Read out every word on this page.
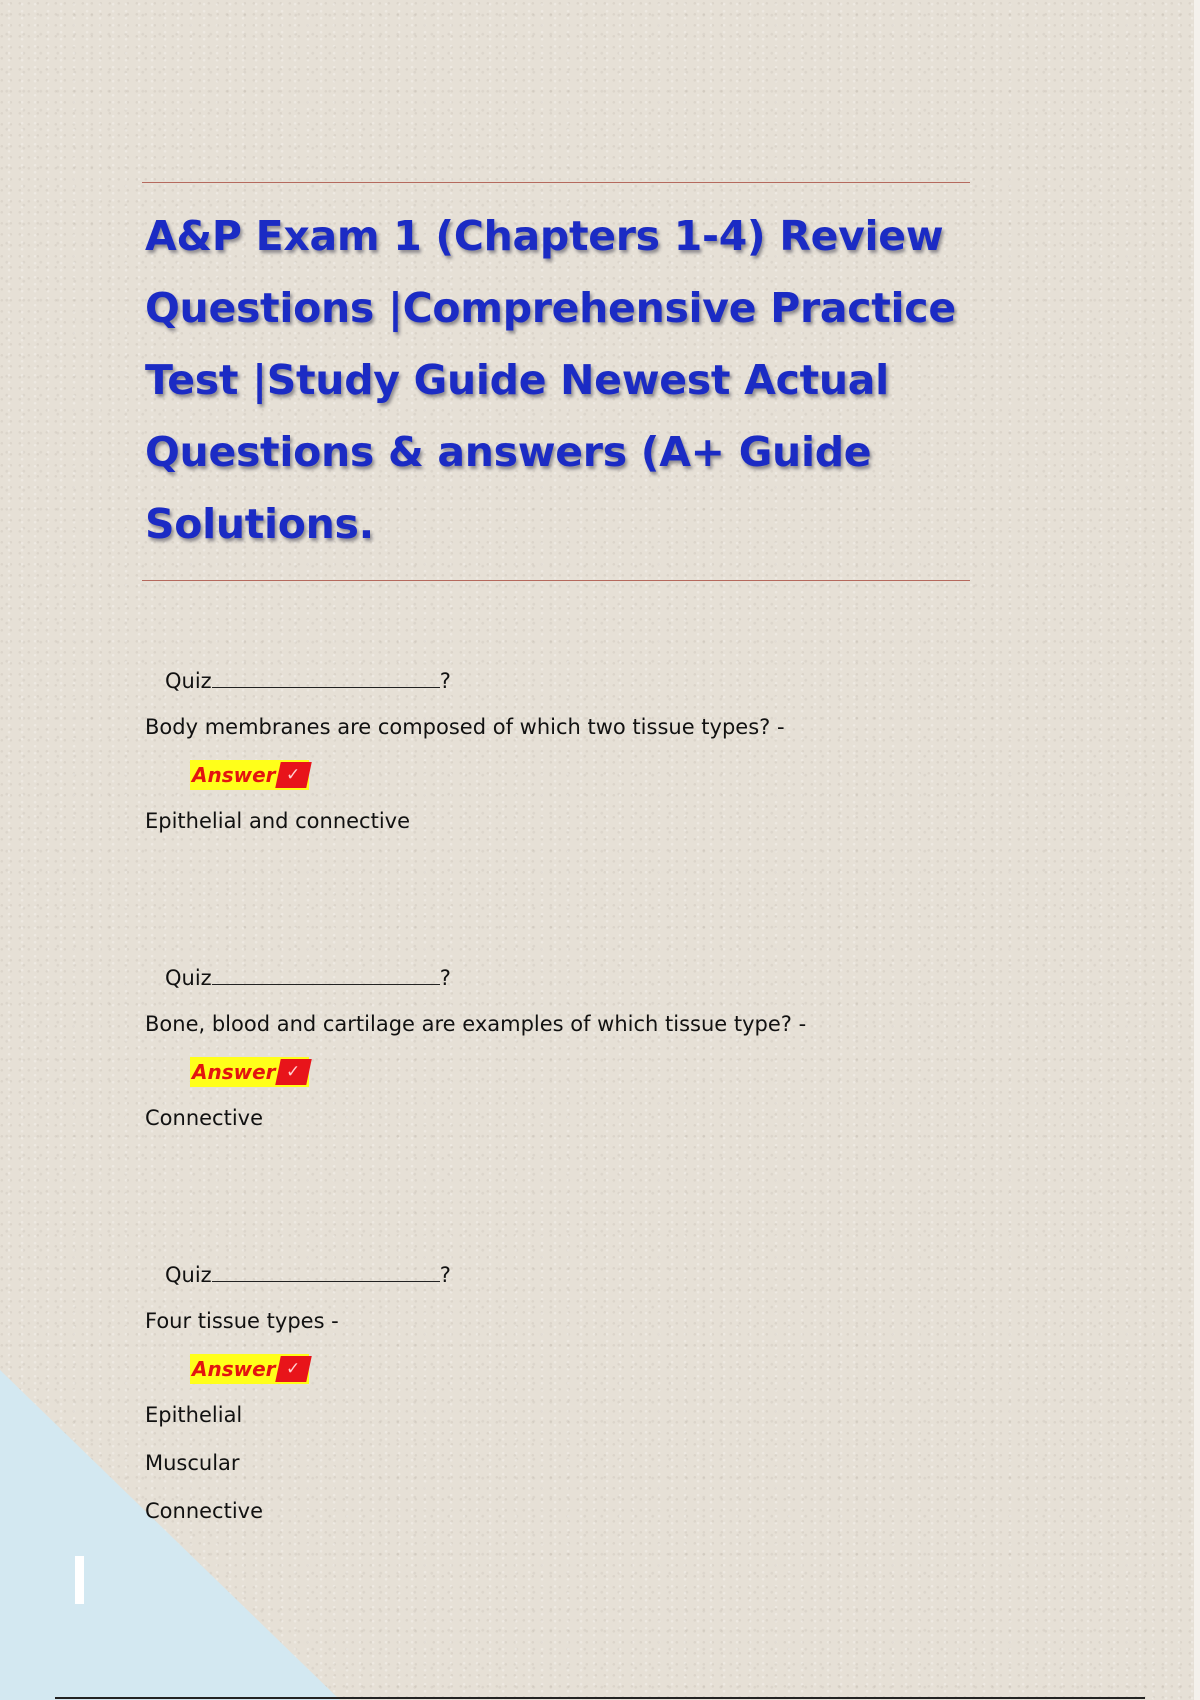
A&P Exam 1 (Chapters 1-4) Review Questions |Comprehensive Practice Test |Study Guide Newest Actual Questions & answers (A+ Guide Solutions.
Quiz	?
Body membranes are composed of which two tissue types? -
Answer ✓
Epithelial and connective
Quiz	?
Bone, blood and cartilage are examples of which tissue type? -
Answer ✓
Connective
Quiz	?
Four tissue types -
Answer ✓
Epithelial
Muscular
Connective
